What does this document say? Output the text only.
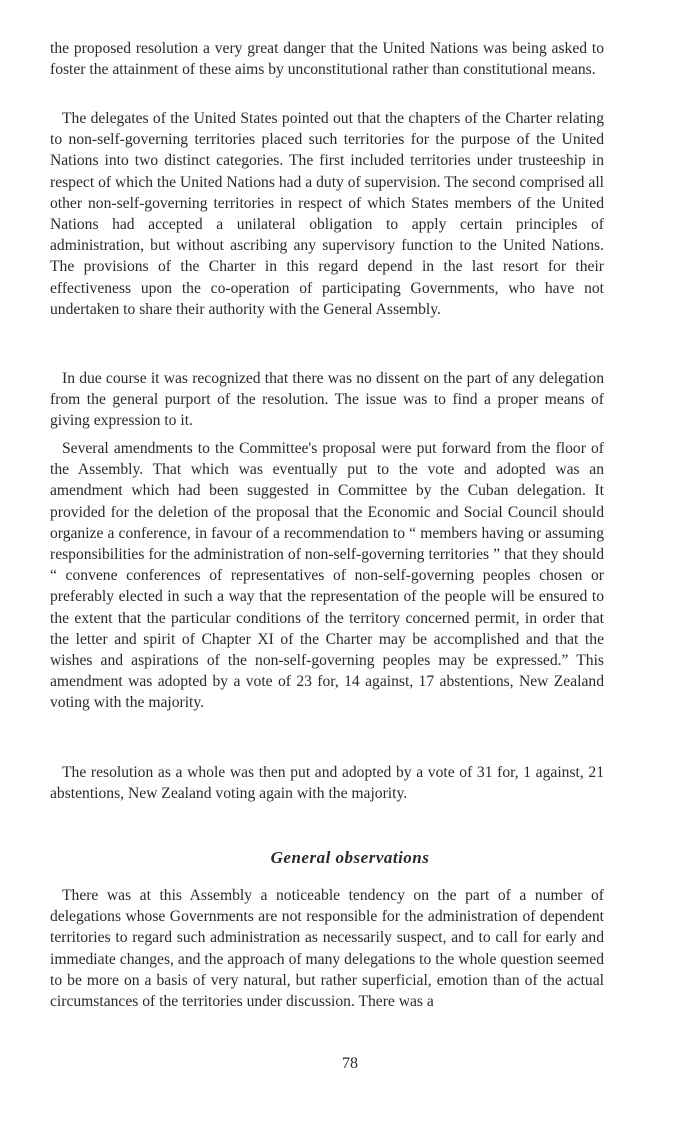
the proposed resolution a very great danger that the United Nations was being asked to foster the attainment of these aims by unconstitutional rather than constitutional means.

The delegates of the United States pointed out that the chapters of the Charter relating to non-self-governing territories placed such territories for the purpose of the United Nations into two distinct categories. The first included territories under trusteeship in respect of which the United Nations had a duty of supervision. The second comprised all other non-self-governing territories in respect of which States members of the United Nations had accepted a unilateral obligation to apply certain principles of administration, but without ascribing any supervisory function to the United Nations. The provisions of the Charter in this regard depend in the last resort for their effectiveness upon the co-operation of participating Governments, who have not undertaken to share their authority with the General Assembly.

In due course it was recognized that there was no dissent on the part of any delegation from the general purport of the resolution. The issue was to find a proper means of giving expression to it.

Several amendments to the Committee's proposal were put forward from the floor of the Assembly. That which was eventually put to the vote and adopted was an amendment which had been suggested in Committee by the Cuban delegation. It provided for the deletion of the proposal that the Economic and Social Council should organize a conference, in favour of a recommendation to “ members having or assuming responsibilities for the administration of non-self-governing territories ” that they should “ convene conferences of representatives of non-self-governing peoples chosen or preferably elected in such a way that the representation of the people will be ensured to the extent that the particular conditions of the territory concerned permit, in order that the letter and spirit of Chapter XI of the Charter may be accomplished and that the wishes and aspirations of the non-self-governing peoples may be expressed.” This amendment was adopted by a vote of 23 for, 14 against, 17 abstentions, New Zealand voting with the majority.

The resolution as a whole was then put and adopted by a vote of 31 for, 1 against, 21 abstentions, New Zealand voting again with the majority.

General observations

There was at this Assembly a noticeable tendency on the part of a number of delegations whose Governments are not responsible for the administration of dependent territories to regard such administration as necessarily suspect, and to call for early and immediate changes, and the approach of many delegations to the whole question seemed to be more on a basis of very natural, but rather superficial, emotion than of the actual circumstances of the territories under discussion. There was a

78
